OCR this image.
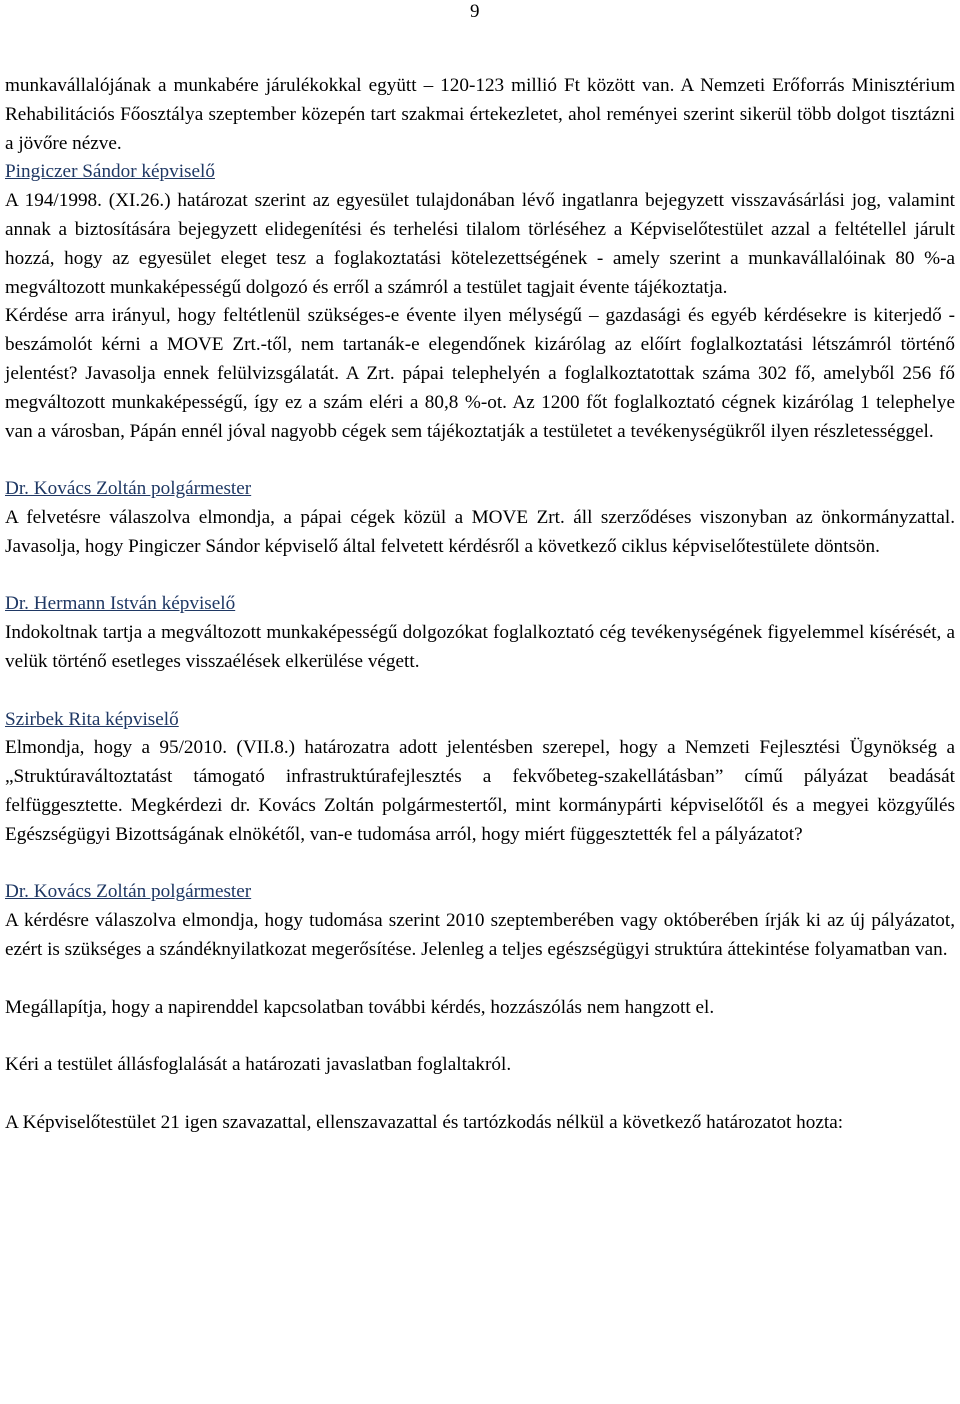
9

munkavállalójának a munkabére járulékokkal együtt – 120-123 millió Ft között van. A Nemzeti Erőforrás Minisztérium Rehabilitációs Főosztálya szeptember közepén tart szakmai értekezletet, ahol reményei szerint sikerül több dolgot tisztázni a jövőre nézve.

Pingiczer Sándor képviselő

A 194/1998. (XI.26.) határozat szerint az egyesület tulajdonában lévő ingatlanra bejegyzett visszavásárlási jog, valamint annak a biztosítására bejegyzett elidegenítési és terhelési tilalom törléséhez a Képviselőtestület azzal a feltétellel járult hozzá, hogy az egyesület eleget tesz a foglakoztatási kötelezettségének - amely szerint a munkavállalóinak 80 %-a megváltozott munkaképességű dolgozó és erről a számról a testület tagjait évente tájékoztatja.

Kérdése arra irányul, hogy feltétlenül szükséges-e évente ilyen mélységű – gazdasági és egyéb kérdésekre is kiterjedő - beszámolót kérni a MOVE Zrt.-től, nem tartanák-e elegendőnek kizárólag az előírt foglalkoztatási létszámról történő jelentést? Javasolja ennek felülvizsgálatát. A Zrt. pápai telephelyén a foglalkoztatottak száma 302 fő, amelyből 256 fő megváltozott munkaképességű, így ez a szám eléri a 80,8 %-ot. Az 1200 főt foglalkoztató cégnek kizárólag 1 telephelye van a városban, Pápán ennél jóval nagyobb cégek sem tájékoztatják a testületet a tevékenységükről ilyen részletességgel.

Dr. Kovács Zoltán polgármester

A felvetésre válaszolva elmondja, a pápai cégek közül a MOVE Zrt. áll szerződéses viszonyban az önkormányzattal. Javasolja, hogy Pingiczer Sándor képviselő által felvetett kérdésről a következő ciklus képviselőtestülete döntsön.

Dr. Hermann István képviselő

Indokoltnak tartja a megváltozott munkaképességű dolgozókat foglalkoztató cég tevékenységének figyelemmel kísérését, a velük történő esetleges visszaélések elkerülése végett.

Szirbek Rita képviselő

Elmondja, hogy a 95/2010. (VII.8.) határozatra adott jelentésben szerepel, hogy a Nemzeti Fejlesztési Ügynökség a „Struktúraváltoztatást támogató infrastruktúrafejlesztés a fekvőbeteg-szakellátásban” című pályázat beadását felfüggesztette. Megkérdezi dr. Kovács Zoltán polgármestertől, mint kormánypárti képviselőtől és a megyei közgyűlés Egészségügyi Bizottságának elnökétől, van-e tudomása arról, hogy miért függesztették fel a pályázatot?

Dr. Kovács Zoltán polgármester

A kérdésre válaszolva elmondja, hogy tudomása szerint 2010 szeptemberében vagy októberében írják ki az új pályázatot, ezért is szükséges a szándéknyilatkozat megerősítése. Jelenleg a teljes egészségügyi struktúra áttekintése folyamatban van.

Megállapítja, hogy a napirenddel kapcsolatban további kérdés, hozzászólás nem hangzott el.

Kéri a testület állásfoglalását a határozati javaslatban foglaltakról.

A Képviselőtestület 21 igen szavazattal, ellenszavazattal és tartózkodás nélkül a következő határozatot hozta:
